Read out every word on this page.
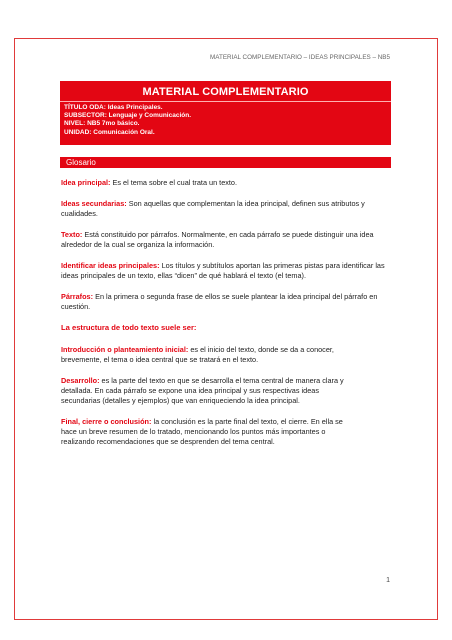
MATERIAL COMPLEMENTARIO – IDEAS PRINCIPALES – NB5
MATERIAL COMPLEMENTARIO
TÍTULO ODA: Ideas Principales.
SUBSECTOR: Lenguaje y Comunicación.
NIVEL: NB5 7mo básico.
UNIDAD: Comunicación Oral.
Glosario

Idea principal: Es el tema sobre el cual trata un texto.

Ideas secundarias: Son aquellas que complementan la idea principal, definen sus atributos y cualidades.

Texto: Está constituido por párrafos. Normalmente, en cada párrafo se puede distinguir una idea alrededor de la cual se organiza la información.

Identificar ideas principales: Los títulos y subtítulos aportan las primeras pistas para identificar las ideas principales de un texto, ellas “dicen” de qué hablará el texto (el tema).

Párrafos: En la primera o segunda frase de ellos se suele plantear la idea principal del párrafo en cuestión.

La estructura de todo texto suele ser:

Introducción o planteamiento inicial: es el inicio del texto, donde se da a conocer, brevemente, el tema o idea central que se tratará en el texto.

Desarrollo: es la parte del texto en que se desarrolla el tema central de manera clara y detallada. En cada párrafo se expone una idea principal y sus respectivas ideas secundarias (detalles y ejemplos) que van enriqueciendo la idea principal.

Final, cierre o conclusión: la conclusión es la parte final del texto, el cierre. En ella se hace un breve resumen de lo tratado, mencionando los puntos más importantes o realizando recomendaciones que se desprenden del tema central.

1
